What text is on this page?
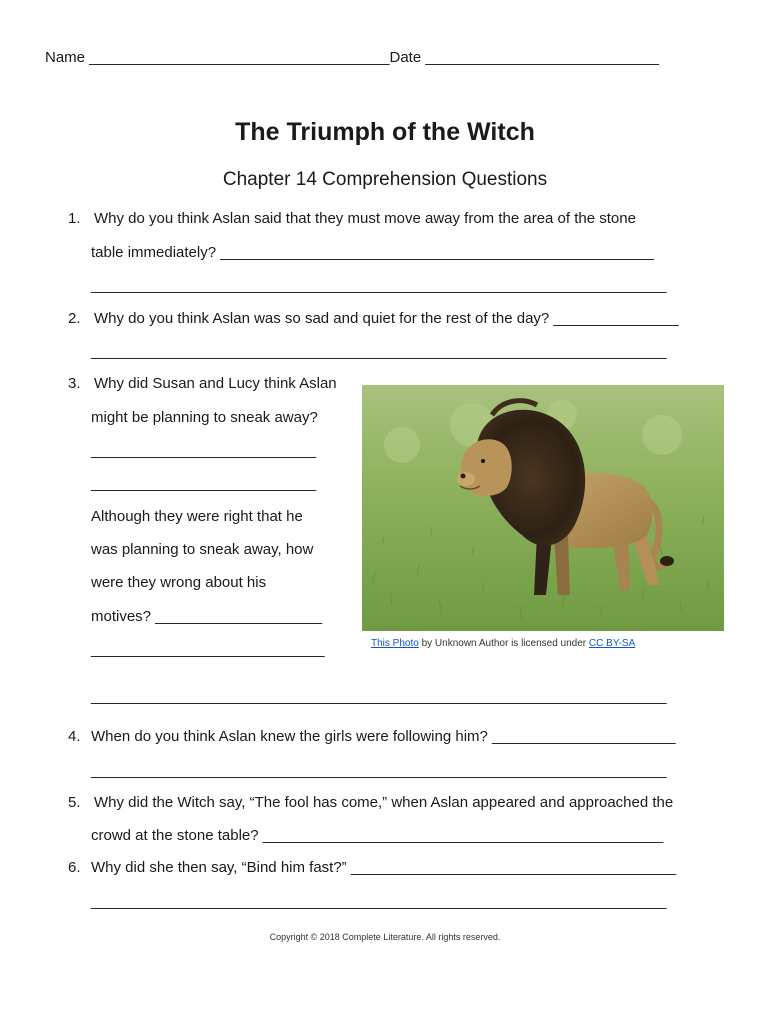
Name ____________________________________Date ____________________________
The Triumph of the Witch
Chapter 14 Comprehension Questions
1. Why do you think Aslan said that they must move away from the area of the stone
table immediately? ____________________________________________________
_____________________________________________________________________
2. Why do you think Aslan was so sad and quiet for the rest of the day? _______________
_____________________________________________________________________
3. Why did Susan and Lucy think Aslan
might be planning to sneak away?
___________________________
___________________________
Although they were right that he
was planning to sneak away, how
were they wrong about his
motives? ____________________
____________________________
_____________________________________________________________________
This Photo by Unknown Author is licensed under CC BY-SA
4. When do you think Aslan knew the girls were following him? ______________________
_____________________________________________________________________
5. Why did the Witch say, “The fool has come,” when Aslan appeared and approached the
crowd at the stone table? ________________________________________________
6. Why did she then say, “Bind him fast?” _______________________________________
_____________________________________________________________________
Copyright © 2018 Complete Literature. All rights reserved.
